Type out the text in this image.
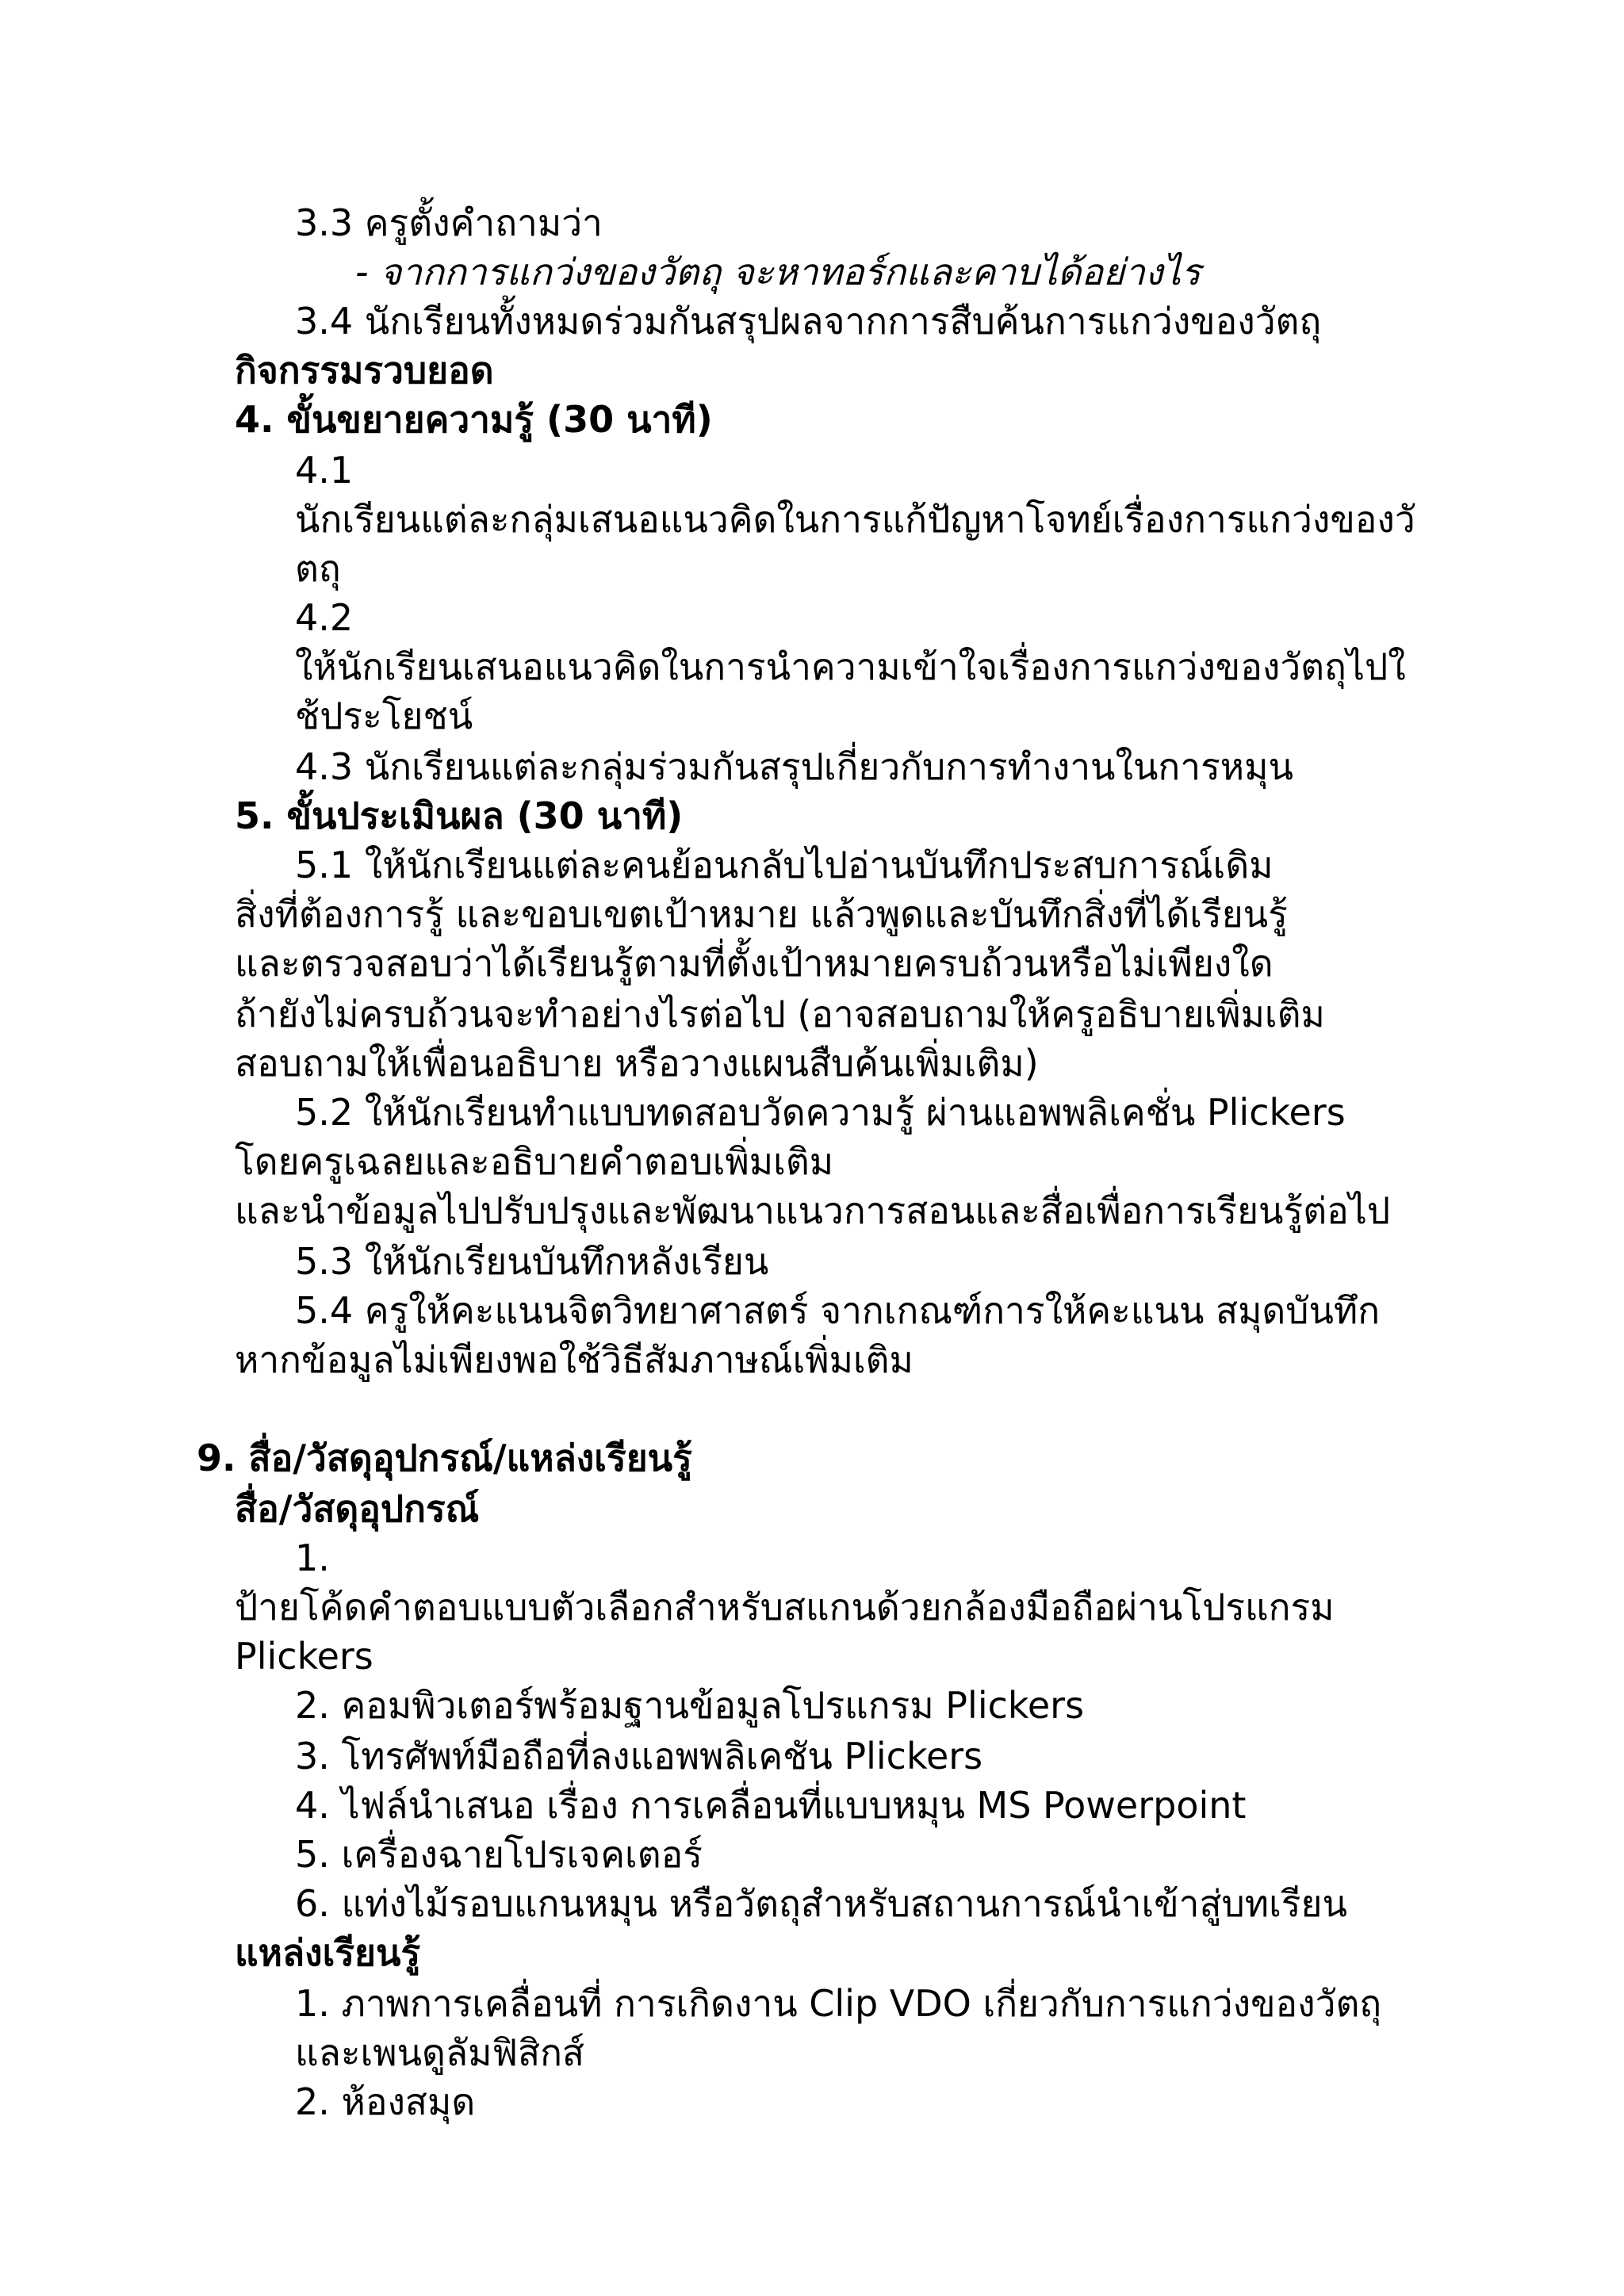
3.3 ครูตั้งคำถามว่า
- จากการแกว่งของวัตถุ จะหาทอร์กและคาบได้อย่างไร
3.4 นักเรียนทั้งหมดร่วมกันสรุปผลจากการสืบค้นการแกว่งของวัตถุ
กิจกรรมรวบยอด
4. ขั้นขยายความรู้ (30 นาที)
4.1
นักเรียนแต่ละกลุ่มเสนอแนวคิดในการแก้ปัญหาโจทย์เรื่องการแกว่งของวั
ตถุ
4.2
ให้นักเรียนเสนอแนวคิดในการนำความเข้าใจเรื่องการแกว่งของวัตถุไปใ
ช้ประโยชน์
4.3 นักเรียนแต่ละกลุ่มร่วมกันสรุปเกี่ยวกับการทำงานในการหมุน
5. ขั้นประเมินผล (30 นาที)
5.1 ให้นักเรียนแต่ละคนย้อนกลับไปอ่านบันทึกประสบการณ์เดิม
สิ่งที่ต้องการรู้ และขอบเขตเป้าหมาย แล้วพูดและบันทึกสิ่งที่ได้เรียนรู้
และตรวจสอบว่าได้เรียนรู้ตามที่ตั้งเป้าหมายครบถ้วนหรือไม่เพียงใด
ถ้ายังไม่ครบถ้วนจะทำอย่างไรต่อไป (อาจสอบถามให้ครูอธิบายเพิ่มเติม
สอบถามให้เพื่อนอธิบาย หรือวางแผนสืบค้นเพิ่มเติม)
5.2 ให้นักเรียนทำแบบทดสอบวัดความรู้ ผ่านแอพพลิเคชั่น Plickers
โดยครูเฉลยและอธิบายคำตอบเพิ่มเติม
และนำข้อมูลไปปรับปรุงและพัฒนาแนวการสอนและสื่อเพื่อการเรียนรู้ต่อไป
5.3 ให้นักเรียนบันทึกหลังเรียน
5.4 ครูให้คะแนนจิตวิทยาศาสตร์ จากเกณฑ์การให้คะแนน สมุดบันทึก
หากข้อมูลไม่เพียงพอใช้วิธีสัมภาษณ์เพิ่มเติม
9. สื่อ/วัสดุอุปกรณ์/แหล่งเรียนรู้
สื่อ/วัสดุอุปกรณ์
1.
ป้ายโค้ดคำตอบแบบตัวเลือกสำหรับสแกนด้วยกล้องมือถือผ่านโปรแกรม
Plickers
2. คอมพิวเตอร์พร้อมฐานข้อมูลโปรแกรม Plickers
3. โทรศัพท์มือถือที่ลงแอพพลิเคชัน Plickers
4. ไฟล์นำเสนอ เรื่อง การเคลื่อนที่แบบหมุน MS Powerpoint
5. เครื่องฉายโปรเจคเตอร์
6. แท่งไม้รอบแกนหมุน หรือวัตถุสำหรับสถานการณ์นำเข้าสู่บทเรียน
แหล่งเรียนรู้
1. ภาพการเคลื่อนที่ การเกิดงาน Clip VDO เกี่ยวกับการแกว่งของวัตถุ
และเพนดูลัมฟิสิกส์
2. ห้องสมุด
